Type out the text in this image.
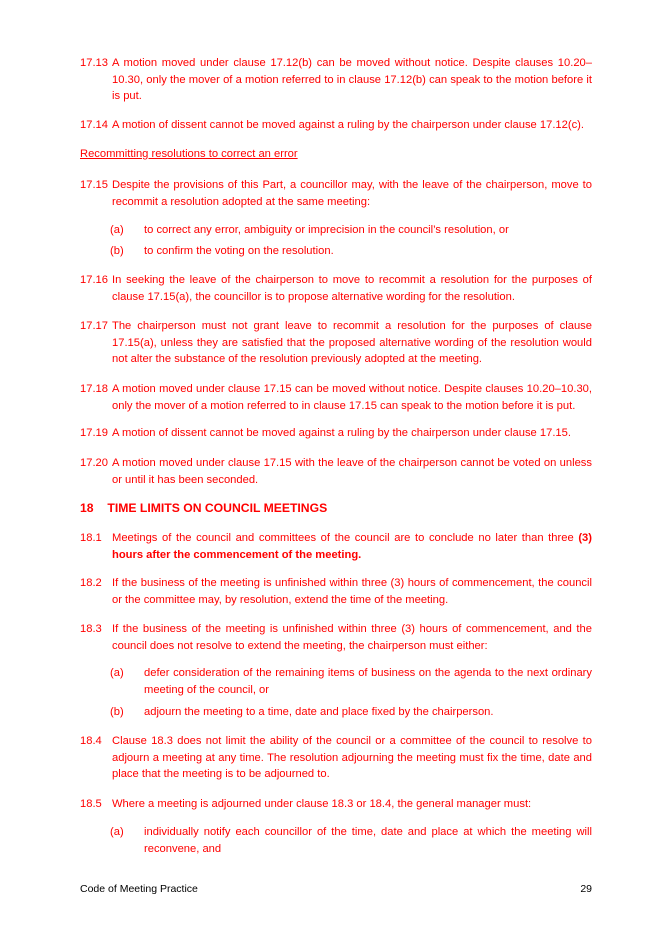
17.13 A motion moved under clause 17.12(b) can be moved without notice. Despite clauses 10.20–10.30, only the mover of a motion referred to in clause 17.12(b) can speak to the motion before it is put.
17.14 A motion of dissent cannot be moved against a ruling by the chairperson under clause 17.12(c).
Recommitting resolutions to correct an error
17.15 Despite the provisions of this Part, a councillor may, with the leave of the chairperson, move to recommit a resolution adopted at the same meeting:
(a)	to correct any error, ambiguity or imprecision in the council’s resolution, or
(b)	to confirm the voting on the resolution.
17.16 In seeking the leave of the chairperson to move to recommit a resolution for the purposes of clause 17.15(a), the councillor is to propose alternative wording for the resolution.
17.17 The chairperson must not grant leave to recommit a resolution for the purposes of clause 17.15(a), unless they are satisfied that the proposed alternative wording of the resolution would not alter the substance of the resolution previously adopted at the meeting.
17.18 A motion moved under clause 17.15 can be moved without notice. Despite clauses 10.20–10.30, only the mover of a motion referred to in clause 17.15 can speak to the motion before it is put.
17.19 A motion of dissent cannot be moved against a ruling by the chairperson under clause 17.15.
17.20 A motion moved under clause 17.15 with the leave of the chairperson cannot be voted on unless or until it has been seconded.
18 TIME LIMITS ON COUNCIL MEETINGS
18.1 Meetings of the council and committees of the council are to conclude no later than three (3) hours after the commencement of the meeting.
18.2 If the business of the meeting is unfinished within three (3) hours of commencement, the council or the committee may, by resolution, extend the time of the meeting.
18.3 If the business of the meeting is unfinished within three (3) hours of commencement, and the council does not resolve to extend the meeting, the chairperson must either:
(a)	defer consideration of the remaining items of business on the agenda to the next ordinary meeting of the council, or
(b)	adjourn the meeting to a time, date and place fixed by the chairperson.
18.4 Clause 18.3 does not limit the ability of the council or a committee of the council to resolve to adjourn a meeting at any time. The resolution adjourning the meeting must fix the time, date and place that the meeting is to be adjourned to.
18.5 Where a meeting is adjourned under clause 18.3 or 18.4, the general manager must:
(a)	individually notify each councillor of the time, date and place at which the meeting will reconvene, and
Code of Meeting Practice	29
